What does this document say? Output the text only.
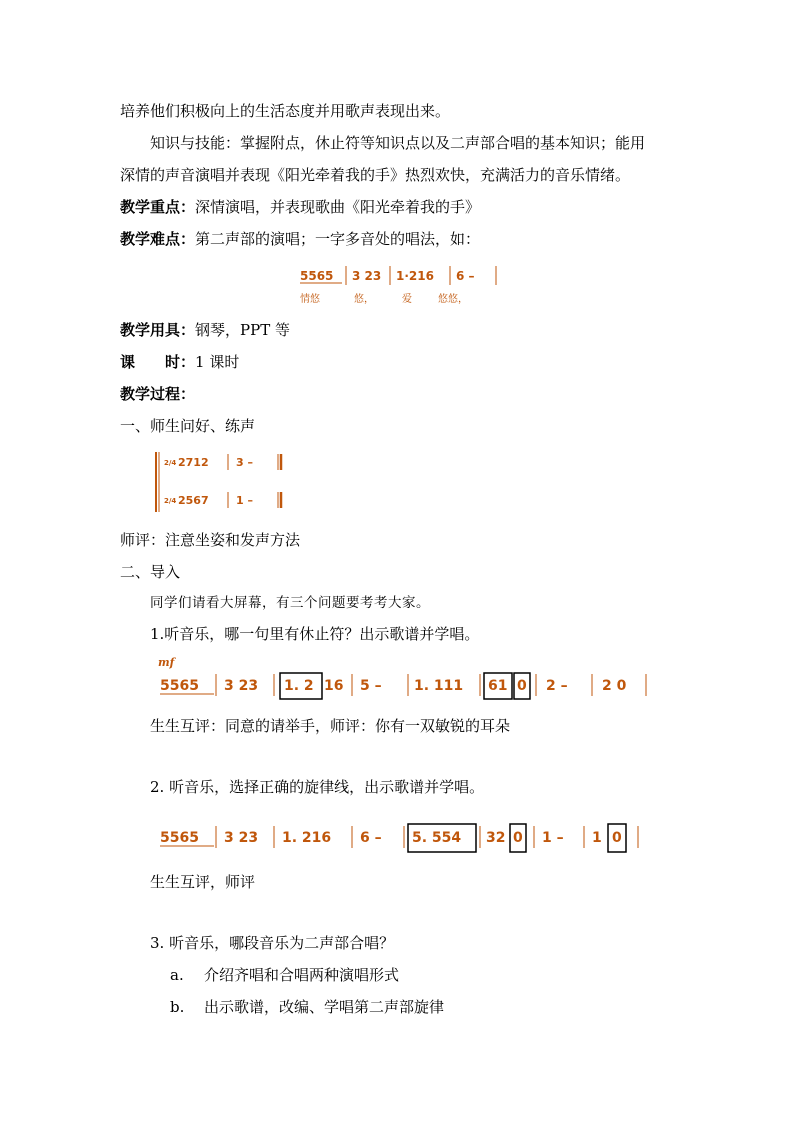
培养他们积极向上的生活态度并用歌声表现出来。
知识与技能：掌握附点，休止符等知识点以及二声部合唱的基本知识；能用
深情的声音演唱并表现《阳光牵着我的手》热烈欢快，充满活力的音乐情绪。
教学重点：深情演唱，并表现歌曲《阳光牵着我的手》
教学难点：第二声部的演唱；一字多音处的唱法，如：
5565 3 23 1·216 6 –
情悠	悠，	爱	悠悠，
教学用具：钢琴，PPT 等
课　　时：1 课时
教学过程：
一、师生问好、练声
2/4 2712 3 –
2/4 2567 1 –
师评：注意坐姿和发声方法
二、导入
同学们请看大屏幕，有三个问题要考考大家。
1.听音乐，哪一句里有休止符？出示歌谱并学唱。
mf
5565 3 23 1. 2 16 5 – 1. 111 61 0 2 – 2 0
生生互评：同意的请举手，师评：你有一双敏锐的耳朵
2. 听音乐，选择正确的旋律线，出示歌谱并学唱。
5565 3 23 1. 216 6 – 5. 554 32 0 1 – 1 0
生生互评，师评
3. 听音乐，哪段音乐为二声部合唱？
a. 介绍齐唱和合唱两种演唱形式
b. 出示歌谱，改编、学唱第二声部旋律
